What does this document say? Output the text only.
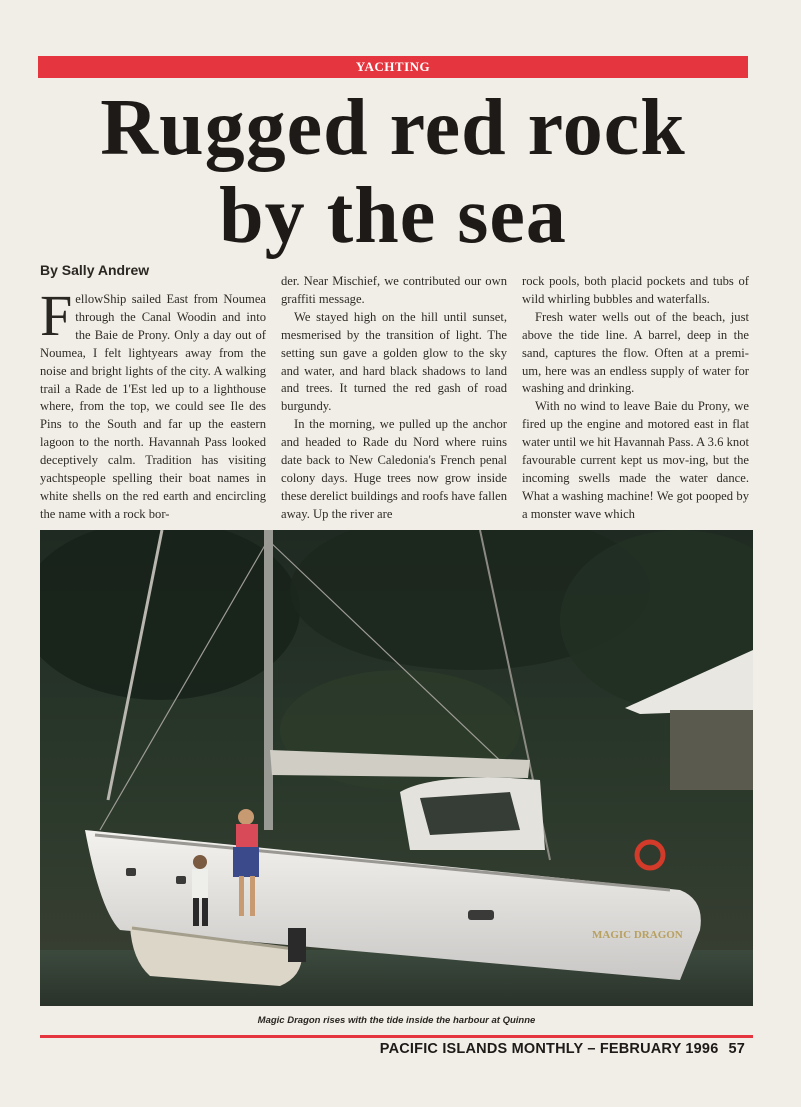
YACHTING
Rugged red rock
by the sea
By Sally Andrew

FellowShip sailed East from Noumea through the Canal Woodin and into the Baie de Prony. Only a day out of Noumea, I felt lightyears away from the noise and bright lights of the city. A walking trail a Rade de 1'Est led up to a lighthouse where, from the top, we could see Ile des Pins to the South and far up the eastern lagoon to the north. Havannah Pass looked deceptively calm. Tradition has visiting yachtspeople spelling their boat names in white shells on the red earth and encircling the name with a rock bor-

der. Near Mischief, we contributed our own graffiti message.

We stayed high on the hill until sunset, mesmerised by the transition of light. The setting sun gave a golden glow to the sky and water, and hard black shadows to land and trees. It turned the red gash of road burgundy.

In the morning, we pulled up the anchor and headed to Rade du Nord where ruins date back to New Caledonia's French penal colony days. Huge trees now grow inside these derelict buildings and roofs have fallen away. Up the river are

rock pools, both placid pockets and tubs of wild whirling bubbles and waterfalls.

Fresh water wells out of the beach, just above the tide line. A barrel, deep in the sand, captures the flow. Often at a premi-um, here was an endless supply of water for washing and drinking.

With no wind to leave Baie du Prony, we fired up the engine and motored east in flat water until we hit Havannah Pass. A 3.6 knot favourable current kept us mov-ing, but the incoming swells made the water dance. What a washing machine! We got pooped by a monster wave which

MAGIC DRAGON
Magic Dragon rises with the tide inside the harbour at Quinne
PACIFIC ISLANDS MONTHLY – FEBRUARY 1996 57
